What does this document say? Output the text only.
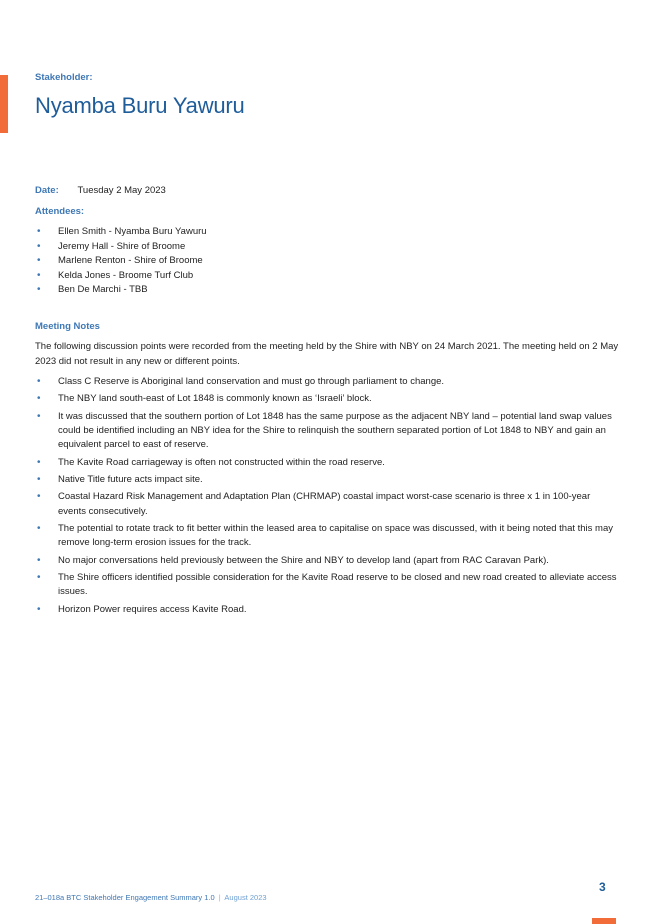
Stakeholder:
Nyamba Buru Yawuru
Date: Tuesday 2 May 2023
Attendees:
• Ellen Smith - Nyamba Buru Yawuru
• Jeremy Hall - Shire of Broome
• Marlene Renton - Shire of Broome
• Kelda Jones - Broome Turf Club
• Ben De Marchi - TBB
Meeting Notes
The following discussion points were recorded from the meeting held by the Shire with NBY on 24 March 2021. The meeting held on 2 May 2023 did not result in any new or different points.
• Class C Reserve is Aboriginal land conservation and must go through parliament to change.
• The NBY land south-east of Lot 1848 is commonly known as ‘Israeli’ block.
• It was discussed that the southern portion of Lot 1848 has the same purpose as the adjacent NBY land – potential land swap values could be identified including an NBY idea for the Shire to relinquish the southern separated portion of Lot 1848 to NBY and gain an equivalent parcel to east of reserve.
• The Kavite Road carriageway is often not constructed within the road reserve.
• Native Title future acts impact site.
• Coastal Hazard Risk Management and Adaptation Plan (CHRMAP) coastal impact worst-case scenario is three x 1 in 100-year events consecutively.
• The potential to rotate track to fit better within the leased area to capitalise on space was discussed, with it being noted that this may remove long-term erosion issues for the track.
• No major conversations held previously between the Shire and NBY to develop land (apart from RAC Caravan Park).
• The Shire officers identified possible consideration for the Kavite Road reserve to be closed and new road created to alleviate access issues.
• Horizon Power requires access Kavite Road.
3
21–018a BTC Stakeholder Engagement Summary 1.0 | August 2023
